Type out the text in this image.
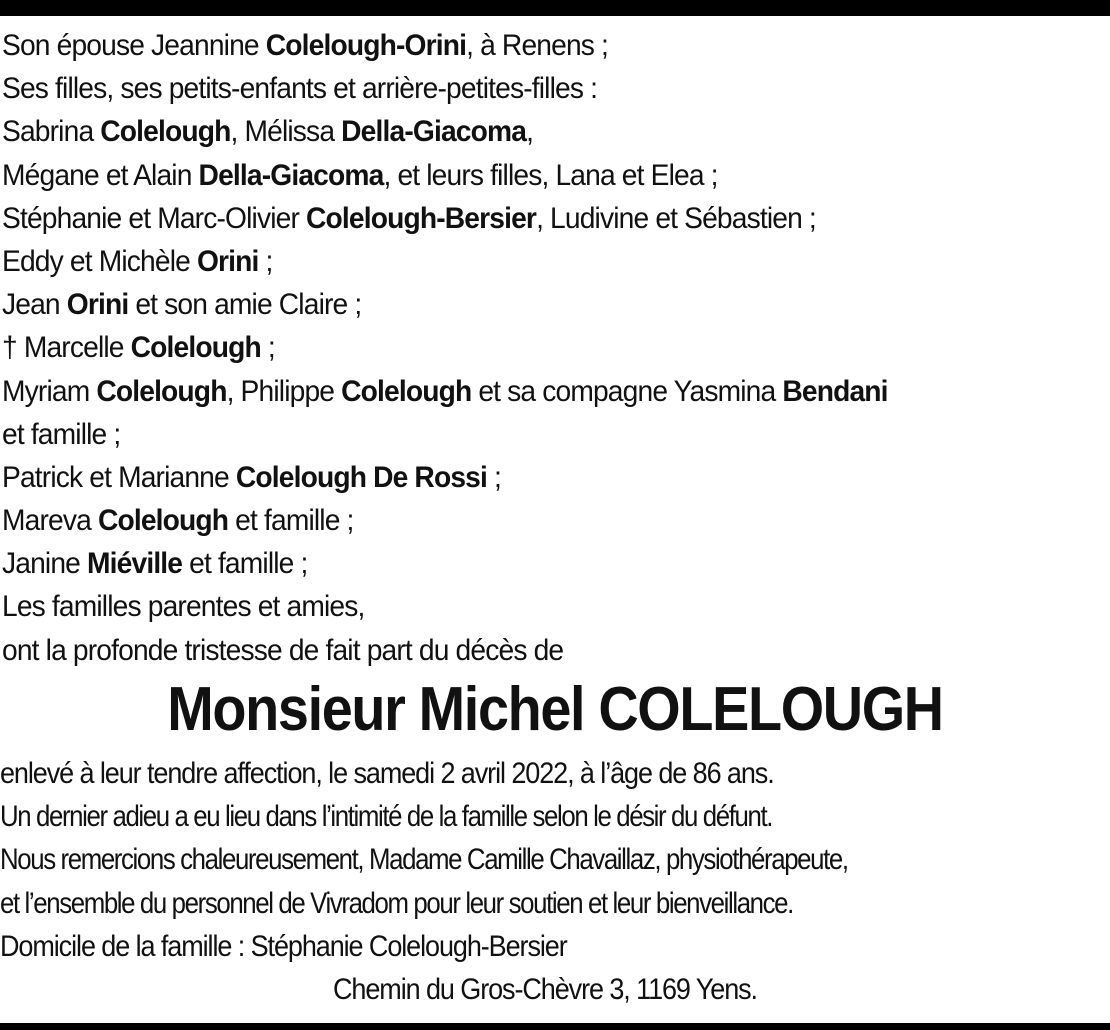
Son épouse Jeannine Colelough-Orini, à Renens ;
Ses filles, ses petits-enfants et arrière-petites-filles :
Sabrina Colelough, Mélissa Della-Giacoma,
Mégane et Alain Della-Giacoma, et leurs filles, Lana et Elea ;
Stéphanie et Marc-Olivier Colelough-Bersier, Ludivine et Sébastien ;
Eddy et Michèle Orini ;
Jean Orini et son amie Claire ;
† Marcelle Colelough ;
Myriam Colelough, Philippe Colelough et sa compagne Yasmina Bendani
et famille ;
Patrick et Marianne Colelough De Rossi ;
Mareva Colelough et famille ;
Janine Miéville et famille ;
Les familles parentes et amies,
ont la profonde tristesse de fait part du décès de
Monsieur Michel COLELOUGH
enlevé à leur tendre affection, le samedi 2 avril 2022, à l’âge de 86 ans.
Un dernier adieu a eu lieu dans l’intimité de la famille selon le désir du défunt.
Nous remercions chaleureusement, Madame Camille Chavaillaz, physiothérapeute,
et l’ensemble du personnel de Vivradom pour leur soutien et leur bienveillance.
Domicile de la famille : Stéphanie Colelough-Bersier
Chemin du Gros-Chèvre 3, 1169 Yens.
